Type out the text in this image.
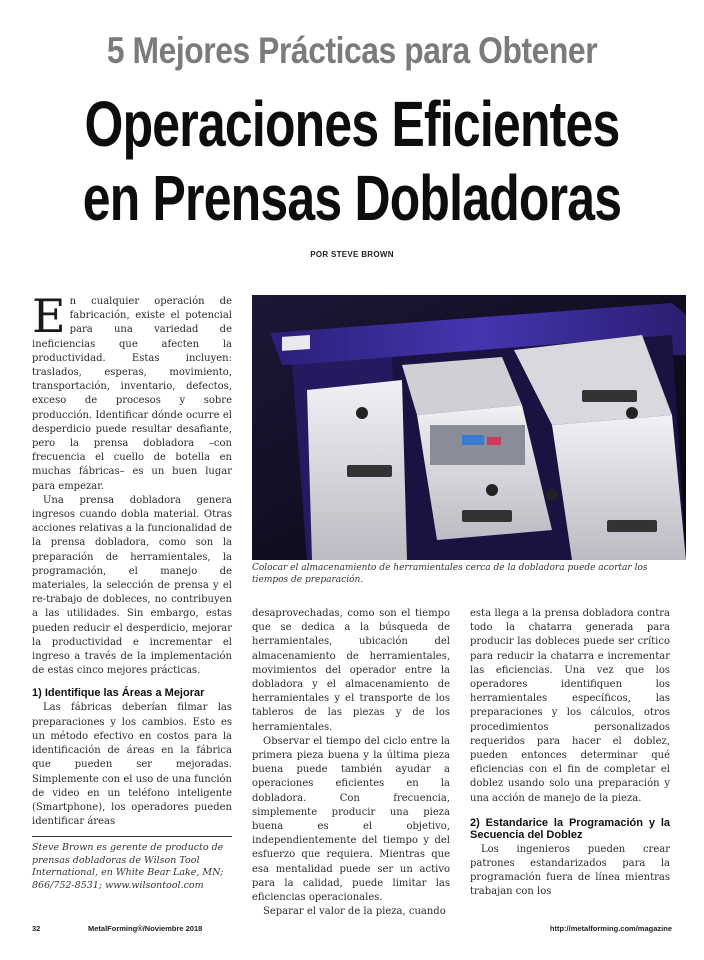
5 Mejores Prácticas para Obtener
Operaciones Eficientes
en Prensas Dobladoras
POR STEVE BROWN

En cualquier operación de fabricación, existe el potencial para una variedad de ineficiencias que afecten la productividad. Estas incluyen: traslados, esperas, movimiento, transportación, inventario, defectos, exceso de procesos y sobre producción. Identificar dónde ocurre el desperdicio puede resultar desafiante, pero la prensa dobladora –con frecuencia el cuello de botella en muchas fábricas– es un buen lugar para empezar.

Una prensa dobladora genera ingresos cuando dobla material. Otras acciones relativas a la funcionalidad de la prensa dobladora, como son la preparación de herramientales, la programación, el manejo de materiales, la selección de prensa y el re-trabajo de dobleces, no contribuyen a las utilidades. Sin embargo, estas pueden reducir el desperdicio, mejorar la productividad e incrementar el ingreso a través de la implementación de estas cinco mejores prácticas.

1) Identifique las Áreas a Mejorar

Las fábricas deberían filmar las preparaciones y los cambios. Esto es un método efectivo en costos para la identificación de áreas en la fábrica que pueden ser mejoradas. Simplemente con el uso de una función de video en un teléfono inteligente (Smartphone), los operadores pueden identificar áreas

Steve Brown es gerente de producto de prensas dobladoras de Wilson Tool International, en White Bear Lake, MN; 866/752-8531; www.wilsontool.com
Colocar el almacenamiento de herramientales cerca de la dobladora puede acortar los tiempos de preparación.

desaprovechadas, como son el tiempo que se dedica a la búsqueda de herramientales, ubicación del almacenamiento de herramientales, movimientos del operador entre la dobladora y el almacenamiento de herramientales y el transporte de los tableros de las piezas y de los herramientales.

Observar el tiempo del ciclo entre la primera pieza buena y la última pieza buena puede también ayudar a operaciones eficientes en la dobladora. Con frecuencia, simplemente producir una pieza buena es el objetivo, independientemente del tiempo y del esfuerzo que requiera. Mientras que esa mentalidad puede ser un activo para la calidad, puede limitar las eficiencias operacionales.

Separar el valor de la pieza, cuando

esta llega a la prensa dobladora contra todo la chatarra generada para producir las dobleces puede ser crítico para reducir la chatarra e incrementar las eficiencias. Una vez que los operadores identifiquen los herramientales específicos, las preparaciones y los cálculos, otros procedimientos personalizados requeridos para hacer el doblez, pueden entonces determinar qué eficiencias con el fin de completar el doblez usando solo una preparación y una acción de manejo de la pieza.

2) Estandarice la Programación y la Secuencia del Doblez

Los ingenieros pueden crear patrones estandarizados para la programación fuera de línea mientras trabajan con los

32	MetalForming®/Noviembre 2018	http://metalforming.com/magazine
